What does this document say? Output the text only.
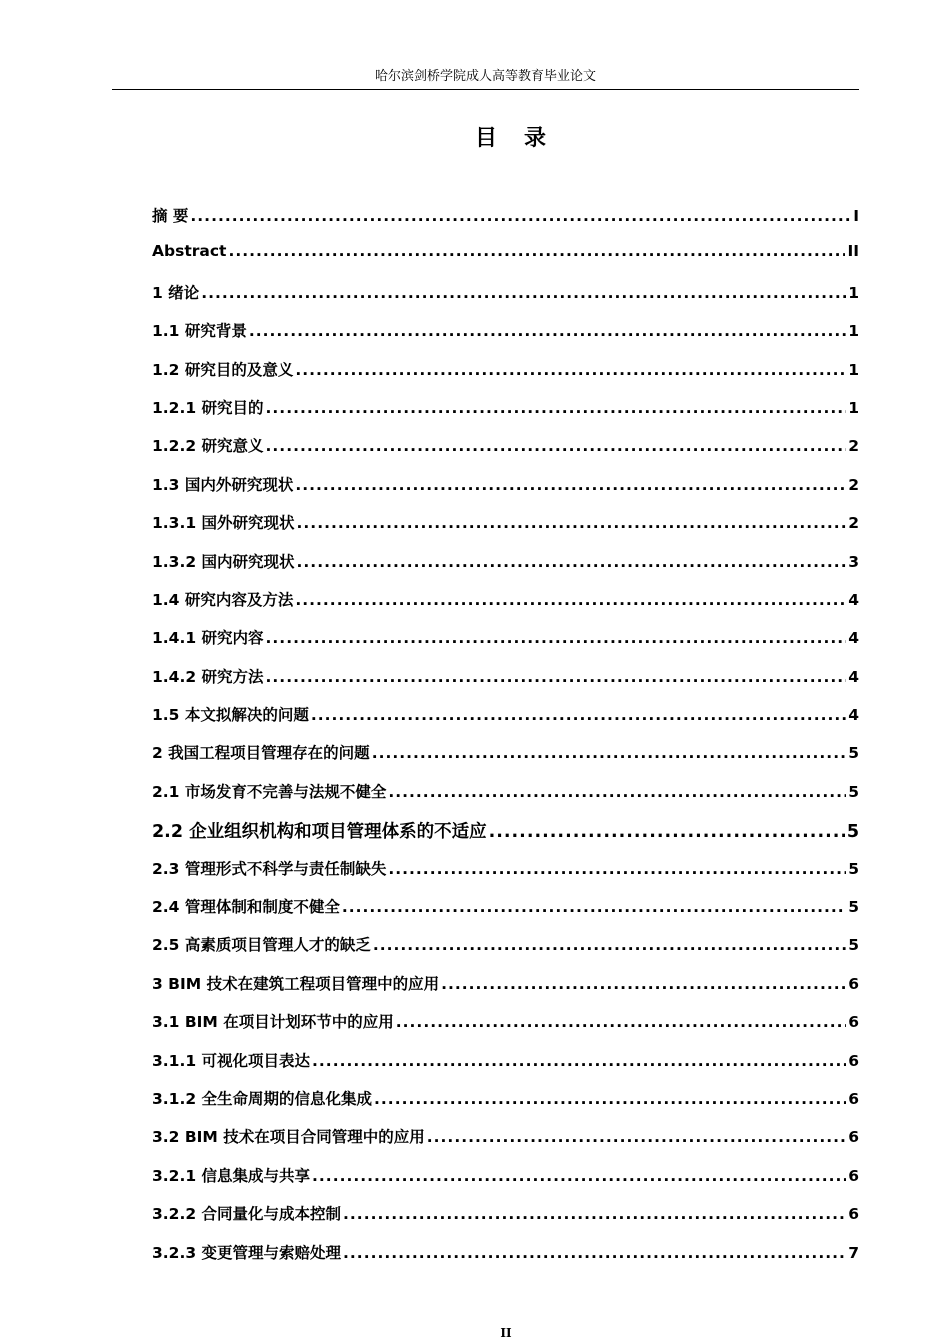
哈尔滨剑桥学院成人高等教育毕业论文
目 录
摘 要 .....	I
Abstract .....	II
1 绪论 .....	1
1.1 研究背景 .....	1
1.2 研究目的及意义 .....	1
1.2.1 研究目的 .....	1
1.2.2 研究意义 .....	2
1.3 国内外研究现状 .....	2
1.3.1 国外研究现状 .....	2
1.3.2 国内研究现状 .....	3
1.4 研究内容及方法 .....	4
1.4.1 研究内容 .....	4
1.4.2 研究方法 .....	4
1.5 本文拟解决的问题 .....	4
2 我国工程项目管理存在的问题 .....	5
2.1 市场发育不完善与法规不健全 .....	5
2.2 企业组织机构和项目管理体系的不适应 .....	5
2.3 管理形式不科学与责任制缺失 .....	5
2.4 管理体制和制度不健全 .....	5
2.5 高素质项目管理人才的缺乏 .....	5
3 BIM 技术在建筑工程项目管理中的应用 .....	6
3.1 BIM 在项目计划环节中的应用 .....	6
3.1.1 可视化项目表达 .....	6
3.1.2 全生命周期的信息化集成 .....	6
3.2 BIM 技术在项目合同管理中的应用 .....	6
3.2.1 信息集成与共享 .....	6
3.2.2 合同量化与成本控制 .....	6
3.2.3 变更管理与索赔处理 .....	7
II
